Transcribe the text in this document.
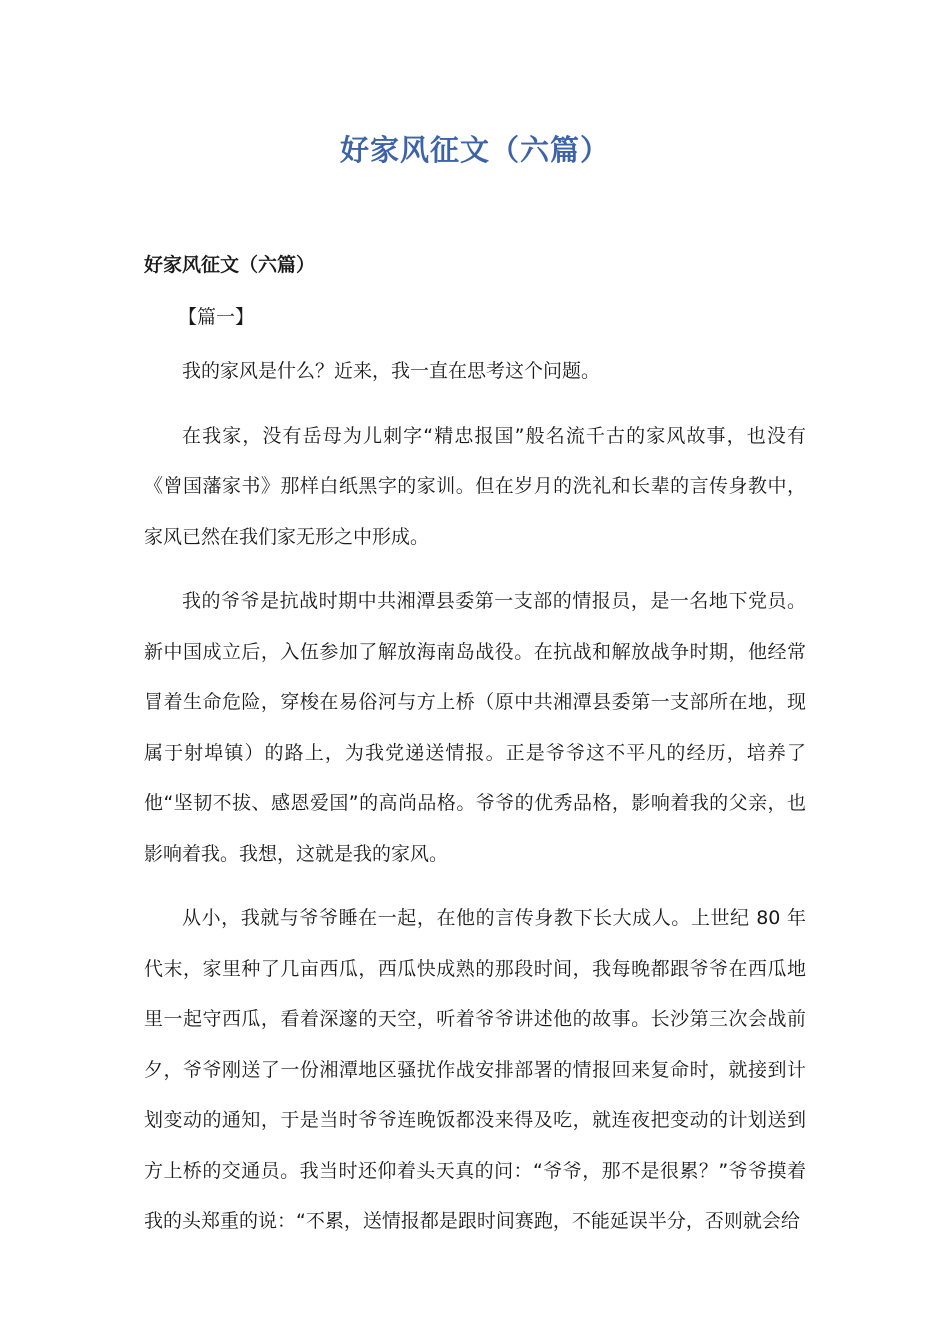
好家风征文（六篇）

好家风征文（六篇）

【篇一】

我的家风是什么？近来，我一直在思考这个问题。

在我家，没有岳母为儿刺字“精忠报国”般名流千古的家风故事，也没有《曾国藩家书》那样白纸黑字的家训。但在岁月的洗礼和长辈的言传身教中，家风已然在我们家无形之中形成。

我的爷爷是抗战时期中共湘潭县委第一支部的情报员，是一名地下党员。新中国成立后，入伍参加了解放海南岛战役。在抗战和解放战争时期，他经常冒着生命危险，穿梭在易俗河与方上桥（原中共湘潭县委第一支部所在地，现属于射埠镇）的路上，为我党递送情报。正是爷爷这不平凡的经历，培养了他“坚韧不拔、感恩爱国”的高尚品格。爷爷的优秀品格，影响着我的父亲，也影响着我。我想，这就是我的家风。

从小，我就与爷爷睡在一起，在他的言传身教下长大成人。上世纪 80 年代末，家里种了几亩西瓜，西瓜快成熟的那段时间，我每晚都跟爷爷在西瓜地里一起守西瓜，看着深邃的天空，听着爷爷讲述他的故事。长沙第三次会战前夕，爷爷刚送了一份湘潭地区骚扰作战安排部署的情报回来复命时，就接到计划变动的通知，于是当时爷爷连晚饭都没来得及吃，就连夜把变动的计划送到方上桥的交通员。我当时还仰着头天真的问：“爷爷，那不是很累？”爷爷摸着我的头郑重的说：“不累，送情报都是跟时间赛跑，不能延误半分，否则就会给
